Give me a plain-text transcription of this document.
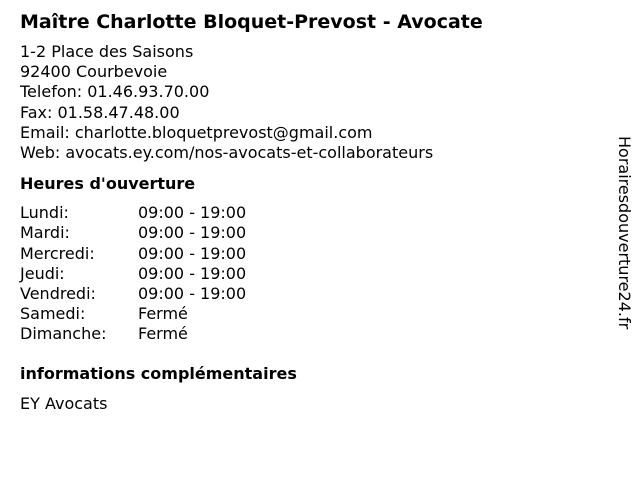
Maître Charlotte Bloquet-Prevost - Avocate
1-2 Place des Saisons
92400 Courbevoie
Telefon: 01.46.93.70.00
Fax: 01.58.47.48.00
Email: charlotte.bloquetprevost@gmail.com
Web: avocats.ey.com/nos-avocats-et-collaborateurs
Heures d'ouverture
Lundi:	09:00 - 19:00
Mardi:	09:00 - 19:00
Mercredi:	09:00 - 19:00
Jeudi:	09:00 - 19:00
Vendredi:	09:00 - 19:00
Samedi:	Fermé
Dimanche:	Fermé
informations complémentaires
EY Avocats
Horairesdouverture24.fr
